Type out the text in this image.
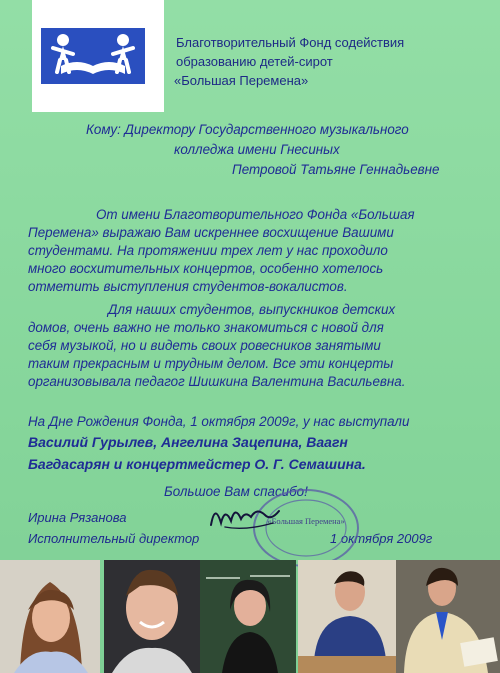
Благотворительный Фонд содействия
образованию детей-сирот
«Большая Перемена»
Кому: Директору Государственного музыкального
колледжа имени Гнесиных
Петровой Татьяне Геннадьевне
От имени Благотворительного Фонда «Большая
Перемена» выражаю Вам искреннее восхищение Вашими
студентами. На протяжении трех лет у нас проходило
много восхитительных концертов, особенно хотелось
отметить выступления студентов-вокалистов.
Для наших студентов, выпускников детских
домов, очень важно не только знакомиться с новой для
себя музыкой, но и видеть своих ровесников занятыми
таким прекрасным и трудным делом. Все эти концерты
организовывала педагог Шишкина Валентина Васильевна.
На Дне Рождения Фонда, 1 октября 2009г, у нас выступали
Василий Гурылев, Ангелина Зацепина, Ваагн
Багдасарян и концертмейстер О. Г. Семашина.
Большое Вам спасибо!
Ирина Рязанова
Исполнительный директор	1 октября 2009г
«Большая Перемена»
